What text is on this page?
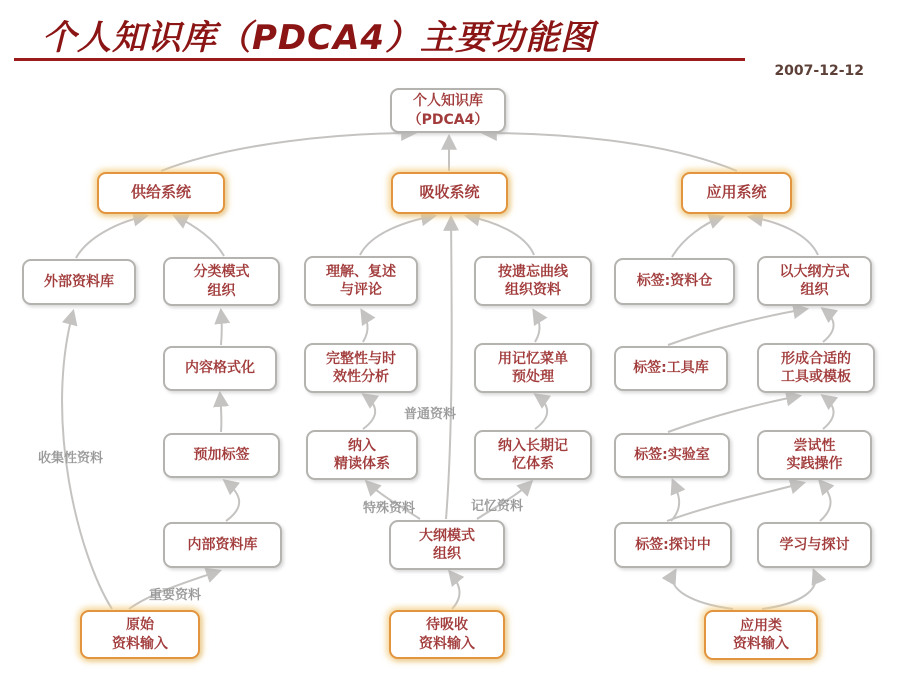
个人知识库（PDCA4）主要功能图
2007-12-12
个人知识库
（PDCA4）
供给系统	吸收系统	应用系统
外部资料库
分类模式
组织
理解、复述
与评论
按遗忘曲线
组织资料
标签:资料仓
以大纲方式
组织
内容格式化
完整性与时
效性分析
用记忆菜单
预处理
标签:工具库
形成合适的
工具或模板
预加标签
纳入
精读体系
纳入长期记
忆体系
标签:实验室
尝试性
实践操作
内部资料库
大纲模式
组织
标签:探讨中	学习与探讨
原始
资料输入
待吸收
资料输入
应用类
资料输入
收集性资料
普通资料
特殊资料	记忆资料
重要资料
